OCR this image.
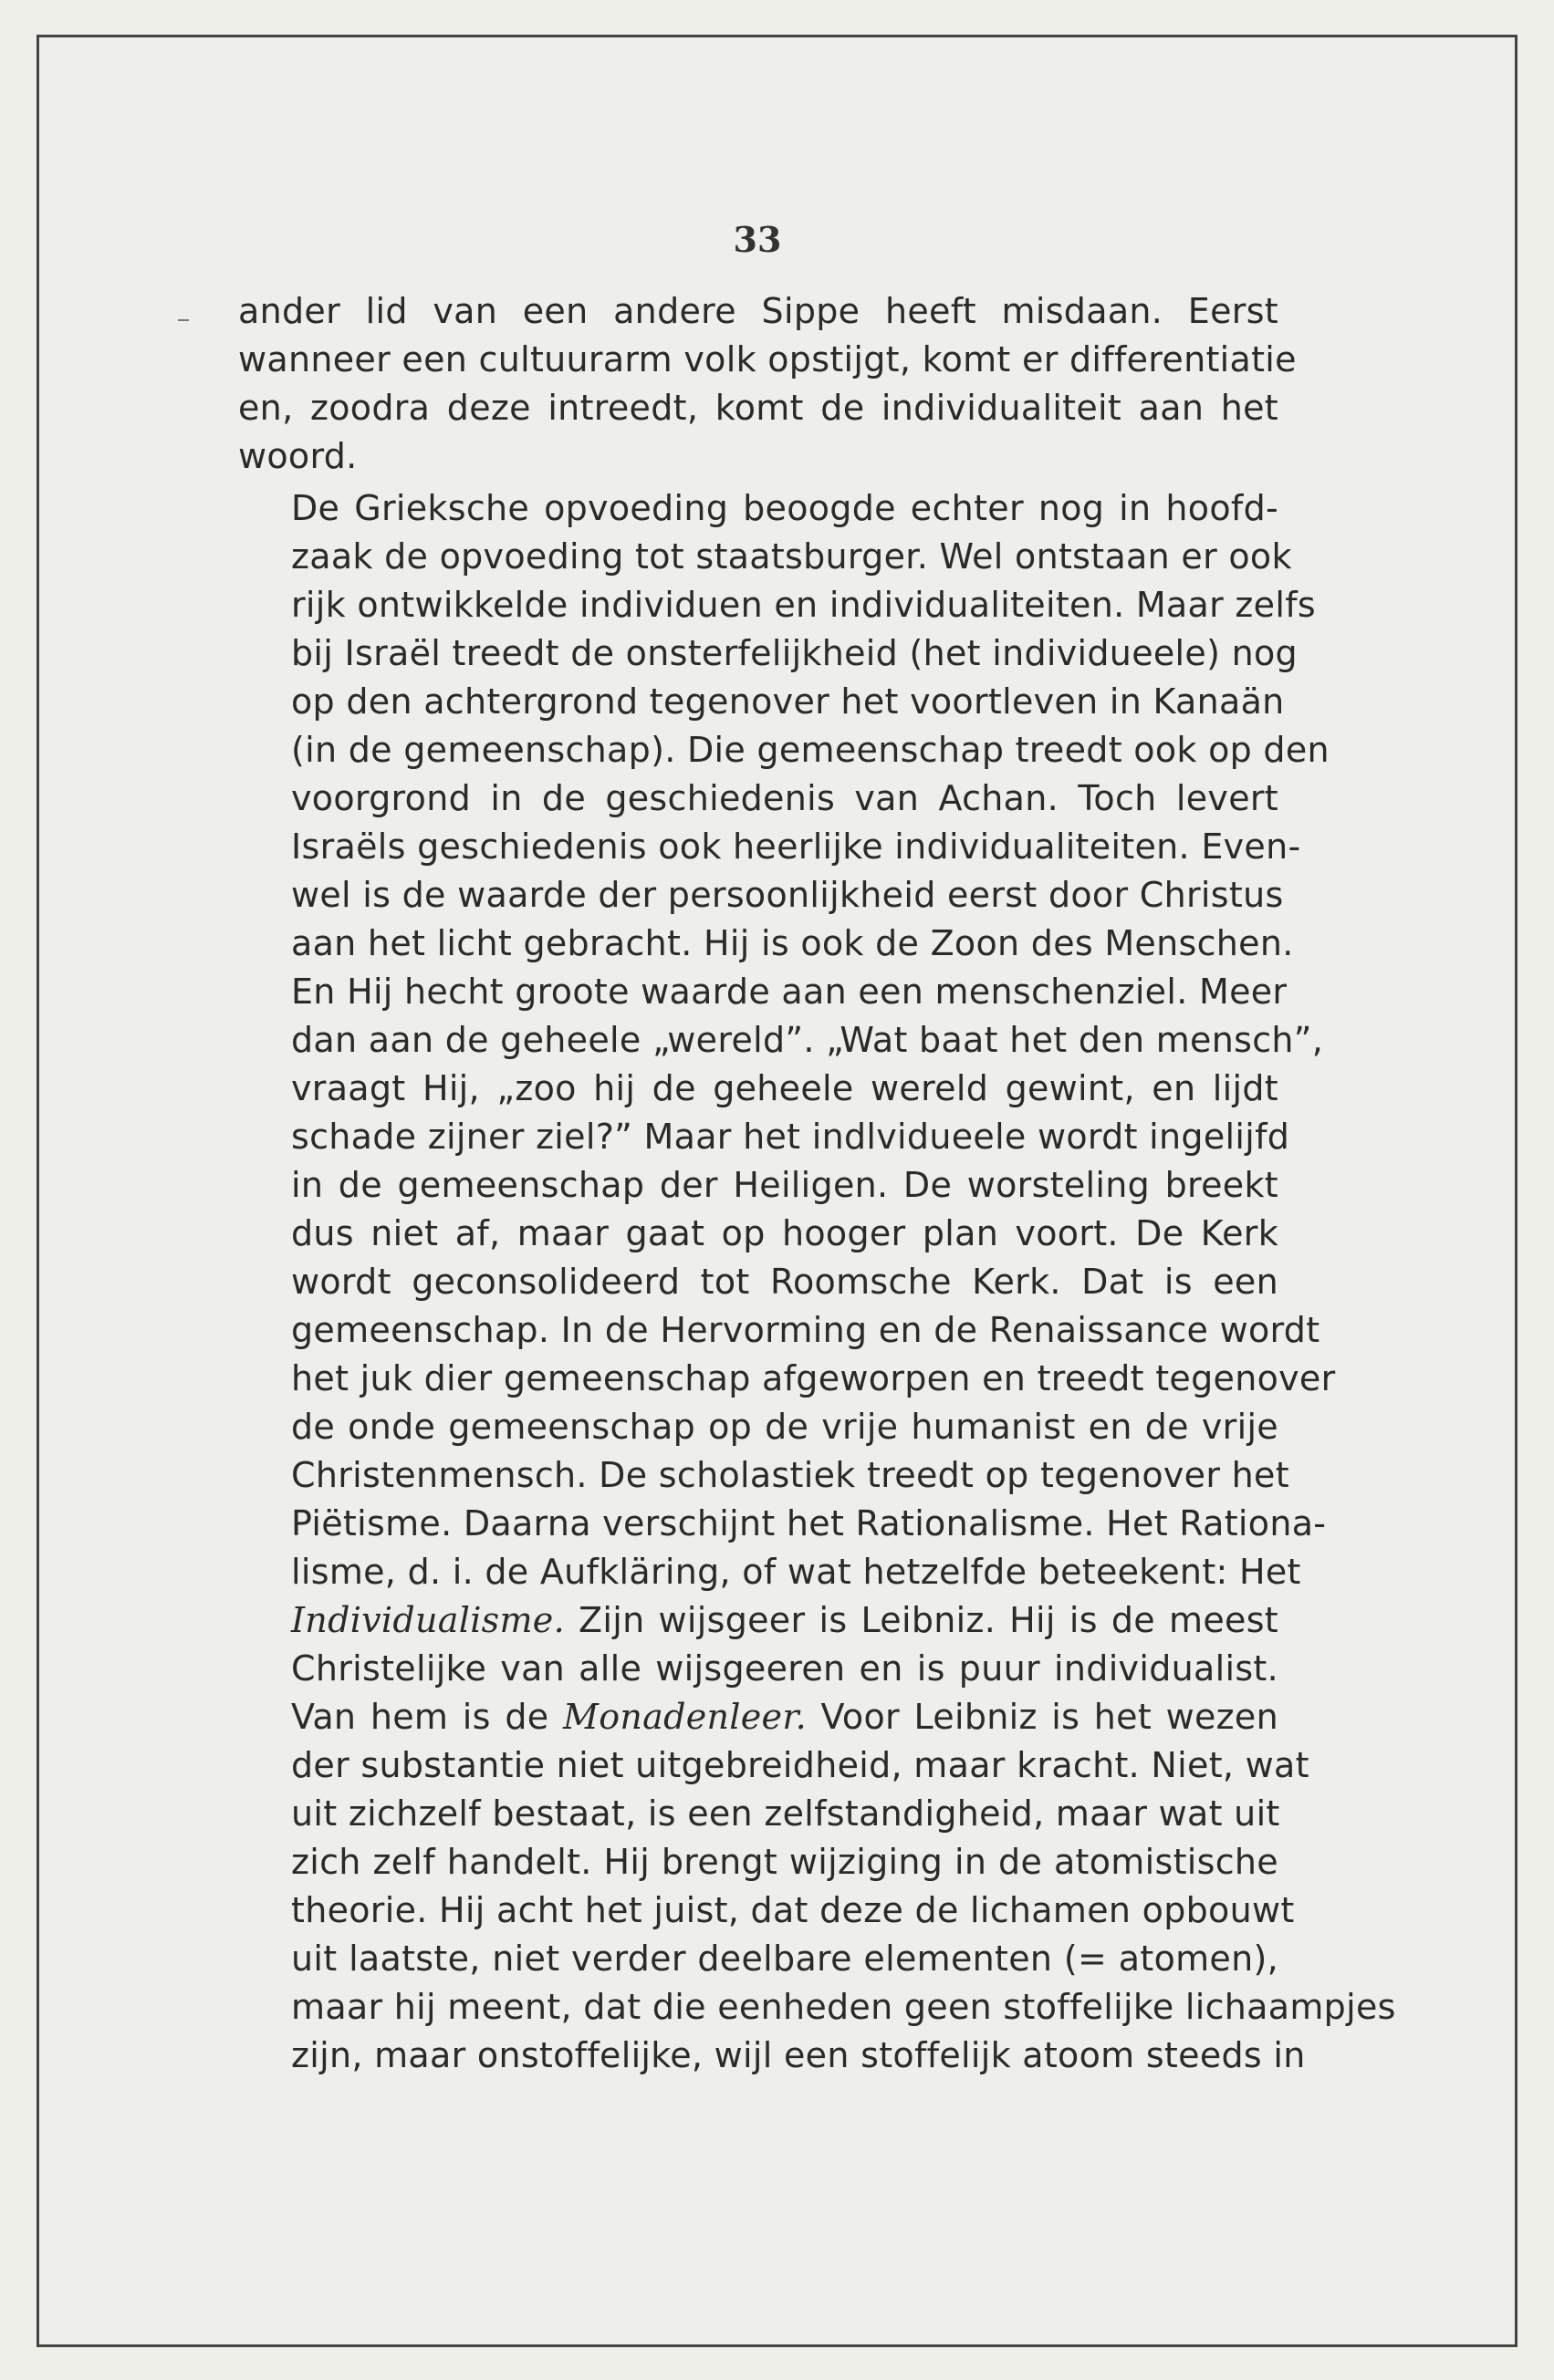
33

ander lid van een andere Sippe heeft misdaan. Eerst
wanneer een cultuurarm volk opstijgt, komt er differentiatie
en, zoodra deze intreedt, komt de individualiteit aan het
woord.

De Grieksche opvoeding beoogde echter nog in hoofd-
zaak de opvoeding tot staatsburger. Wel ontstaan er ook
rijk ontwikkelde individuen en individualiteiten. Maar zelfs
bij Israël treedt de onsterfelijkheid (het individueele) nog
op den achtergrond tegenover het voortleven in Kanaän
(in de gemeenschap). Die gemeenschap treedt ook op den
voorgrond in de geschiedenis van Achan. Toch levert
Israëls geschiedenis ook heerlijke individualiteiten. Even-
wel is de waarde der persoonlijkheid eerst door Christus
aan het licht gebracht. Hij is ook de Zoon des Menschen.
En Hij hecht groote waarde aan een menschenziel. Meer
dan aan de geheele „wereld”. „Wat baat het den mensch”,
vraagt Hij, „zoo hij de geheele wereld gewint, en lijdt
schade zijner ziel?” Maar het indlvidueele wordt ingelijfd
in de gemeenschap der Heiligen. De worsteling breekt
dus niet af, maar gaat op hooger plan voort. De Kerk
wordt geconsolideerd tot Roomsche Kerk. Dat is een
gemeenschap. In de Hervorming en de Renaissance wordt
het juk dier gemeenschap afgeworpen en treedt tegenover
de onde gemeenschap op de vrije humanist en de vrije
Christenmensch. De scholastiek treedt op tegenover het
Piëtisme. Daarna verschijnt het Rationalisme. Het Rationa-
lisme, d. i. de Aufkläring, of wat hetzelfde beteekent: Het
Individualisme. Zijn wijsgeer is Leibniz. Hij is de meest
Christelijke van alle wijsgeeren en is puur individualist.
Van hem is de Monadenleer. Voor Leibniz is het wezen
der substantie niet uitgebreidheid, maar kracht. Niet, wat
uit zichzelf bestaat, is een zelfstandigheid, maar wat uit
zich zelf handelt. Hij brengt wijziging in de atomistische
theorie. Hij acht het juist, dat deze de lichamen opbouwt
uit laatste, niet verder deelbare elementen (= atomen),
maar hij meent, dat die eenheden geen stoffelijke lichaampjes
zijn, maar onstoffelijke, wijl een stoffelijk atoom steeds in
